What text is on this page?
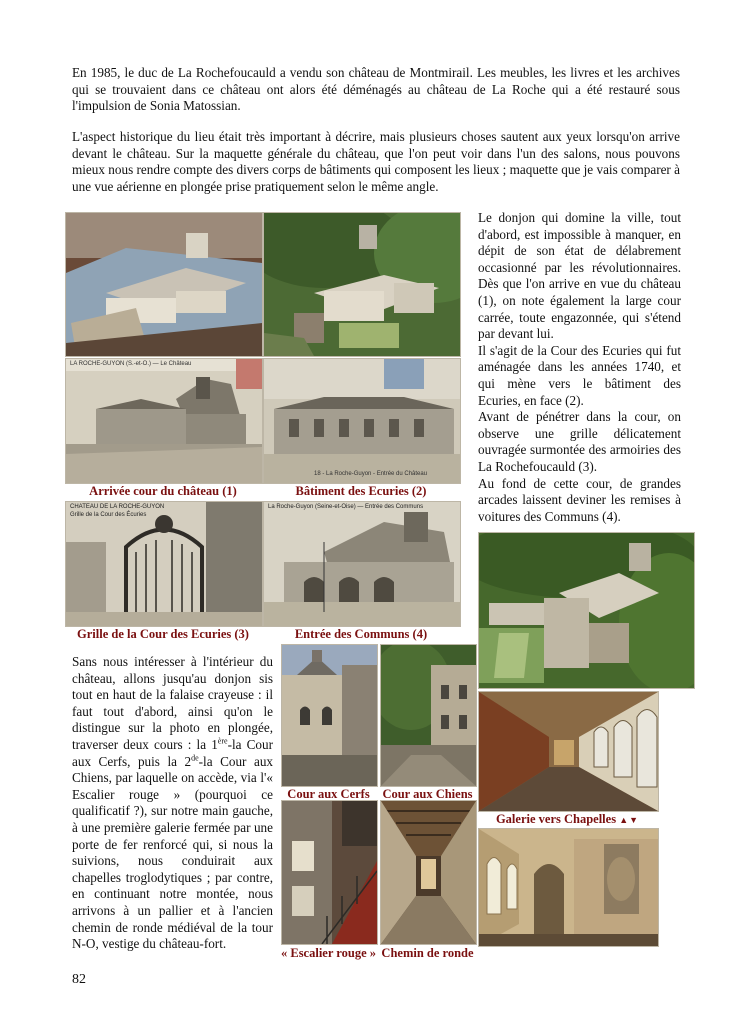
En 1985, le duc de La Rochefoucauld a vendu son château de Montmirail. Les meubles, les livres et les archives qui se trouvaient dans ce château ont alors été déménagés au château de La Roche qui a été restauré sous l'impulsion de Sonia Matossian.

L'aspect historique du lieu était très important à décrire, mais plusieurs choses sautent aux yeux lorsqu'on arrive devant le château. Sur la maquette générale du château, que l'on peut voir dans l'un des salons, nous pouvons mieux nous rendre compte des divers corps de bâtiments qui composent les lieux ; maquette que je vais comparer à une vue aérienne en plongée prise pratiquement selon le même angle.

LA ROCHE-GUYON (S.-et-O.) — Le Château
18 - La Roche-Guyon - Entrée du Château
Le donjon qui domine la ville, tout d'abord, est impossible à manquer, en dépit de son état de délabrement occasionné par les révolutionnaires. Dès que l'on arrive en vue du château (1), on note également la large cour carrée, toute engazonnée, qui s'étend par devant lui.
Il s'agit de la Cour des Ecuries qui fut aménagée dans les années 1740, et qui mène vers le bâtiment des Ecuries, en face (2).
Avant de pénétrer dans la cour, on observe une grille délicatement ouvragée surmontée des armoiries des La Rochefoucauld (3).
Au fond de cette cour, de grandes arcades laissent deviner les remises à voitures des Communs (4).
Arrivée cour du château (1)	Bâtiment des Ecuries (2)
CHATEAU DE LA ROCHE-GUYON
Grille de la Cour des Écuries
La Roche-Guyon (Seine-et-Oise) — Entrée des Communs
Grille de la Cour des Ecuries (3)	Entrée des Communs (4)
Sans nous intéresser à l'intérieur du château, allons jusqu'au donjon sis tout en haut de la falaise crayeuse : il faut tout d'abord, ainsi qu'on le distingue sur la photo en plongée, traverser deux cours : la 1ère-la Cour aux Cerfs, puis la 2de-la Cour aux Chiens, par laquelle on accède, via l'« Escalier rouge » (pourquoi ce qualificatif ?), sur notre main gauche, à une première galerie fermée par une porte de fer renforcé qui, si nous la suivions, nous conduirait aux chapelles troglodytiques ; par contre, en continuant notre montée, nous arrivons à un pallier et à l'ancien chemin de ronde médiéval de la tour N-O, vestige du château-fort.
Cour aux Cerfs	Cour aux Chiens
Galerie vers Chapelles ▲▼
« Escalier rouge » Chemin de ronde
82
